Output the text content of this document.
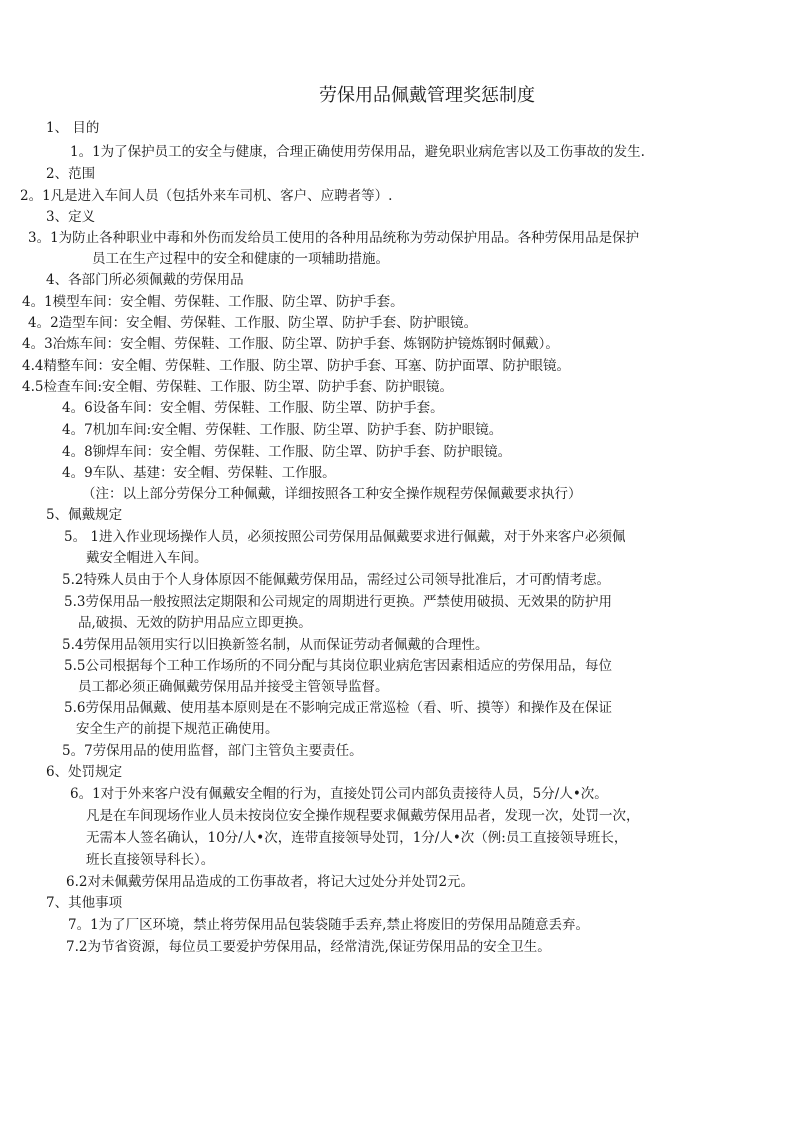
劳保用品佩戴管理奖惩制度
1、 目的
1。1为了保护员工的安全与健康，合理正确使用劳保用品，避免职业病危害以及工伤事故的发生.
2、范围
2。1凡是进入车间人员（包括外来车司机、客户、应聘者等）.
3、定义
3。1为防止各种职业中毒和外伤而发给员工使用的各种用品统称为劳动保护用品。各种劳保用品是保护
员工在生产过程中的安全和健康的一项辅助措施。
4、各部门所必须佩戴的劳保用品
4。1模型车间：安全帽、劳保鞋、工作服、防尘罩、防护手套。
4。2造型车间：安全帽、劳保鞋、工作服、防尘罩、防护手套、防护眼镜。
4。3冶炼车间：安全帽、劳保鞋、工作服、防尘罩、防护手套、炼钢防护镜炼钢时佩戴）。
4.4精整车间：安全帽、劳保鞋、工作服、防尘罩、防护手套、耳塞、防护面罩、防护眼镜。
4.5检查车间:安全帽、劳保鞋、工作服、防尘罩、防护手套、防护眼镜。
4。6设备车间：安全帽、劳保鞋、工作服、防尘罩、防护手套。
4。7机加车间:安全帽、劳保鞋、工作服、防尘罩、防护手套、防护眼镜。
4。8铆焊车间：安全帽、劳保鞋、工作服、防尘罩、防护手套、防护眼镜。
4。9车队、基建：安全帽、劳保鞋、工作服。
（注：以上部分劳保分工种佩戴，详细按照各工种安全操作规程劳保佩戴要求执行）
5、佩戴规定
5。 1进入作业现场操作人员，必须按照公司劳保用品佩戴要求进行佩戴，对于外来客户必须佩
戴安全帽进入车间。
5.2特殊人员由于个人身体原因不能佩戴劳保用品，需经过公司领导批准后，才可酌情考虑。
5.3劳保用品一般按照法定期限和公司规定的周期进行更换。严禁使用破损、无效果的防护用
品,破损、无效的防护用品应立即更换。
5.4劳保用品领用实行以旧换新签名制，从而保证劳动者佩戴的合理性。
5.5公司根据每个工种工作场所的不同分配与其岗位职业病危害因素相适应的劳保用品，每位
员工都必须正确佩戴劳保用品并接受主管领导监督。
5.6劳保用品佩戴、使用基本原则是在不影响完成正常巡检（看、听、摸等）和操作及在保证
安全生产的前提下规范正确使用。
5。7劳保用品的使用监督，部门主管负主要责任。
6、处罚规定
6。1对于外来客户没有佩戴安全帽的行为，直接处罚公司内部负责接待人员，5分/人•次。
凡是在车间现场作业人员未按岗位安全操作规程要求佩戴劳保用品者，发现一次，处罚一次，
无需本人签名确认，10分/人•次，连带直接领导处罚，1分/人•次（例:员工直接领导班长，
班长直接领导科长）。
6.2对未佩戴劳保用品造成的工伤事故者，将记大过处分并处罚2元。
7、其他事项
7。1为了厂区环境，禁止将劳保用品包装袋随手丢弃,禁止将废旧的劳保用品随意丢弃。
7.2为节省资源，每位员工要爱护劳保用品，经常清洗,保证劳保用品的安全卫生。
